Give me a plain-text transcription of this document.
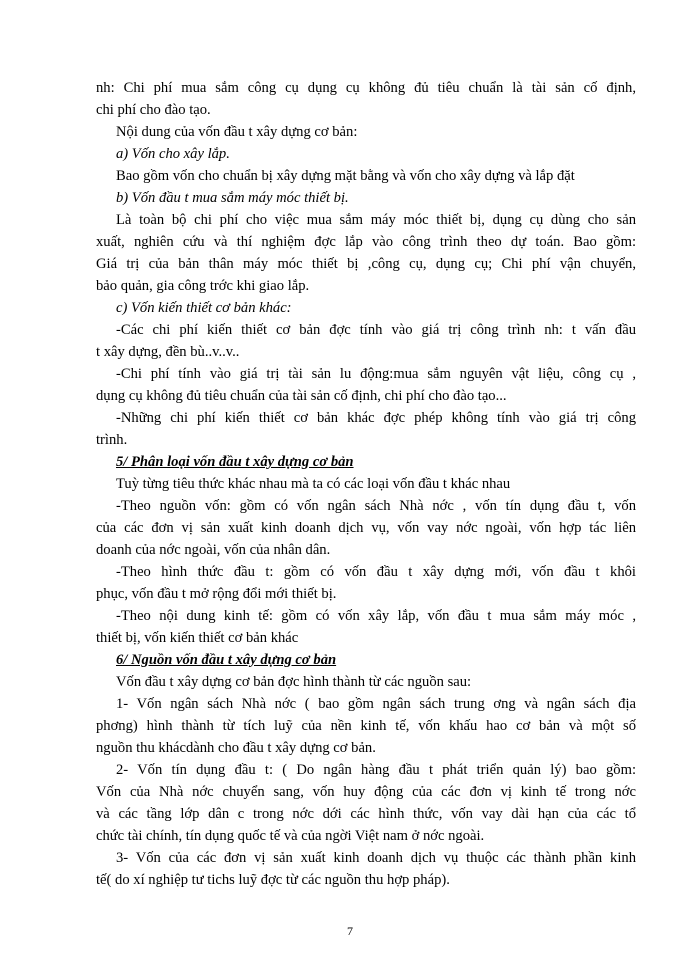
nh: Chi phí mua sắm công cụ dụng cụ không đủ tiêu chuẩn là tài sản cố định,
chi phí cho đào tạo.
Nội dung của vốn đầu t xây dựng cơ bản:
a) Vốn cho xây lắp.
Bao gồm vốn cho chuẩn bị xây dựng mặt bằng và vốn cho xây dựng và lắp đặt
b) Vốn đầu t mua sắm máy móc thiết bị.
Là toàn bộ chi phí cho việc mua sắm máy móc thiết bị, dụng cụ dùng cho sản
xuất, nghiên cứu và thí nghiệm đợc lắp vào công trình theo dự toán. Bao gồm:
Giá trị của bản thân máy móc thiết bị ,công cụ, dụng cụ; Chi phí vận chuyển,
bảo quản, gia công trớc khi giao lắp.
c) Vốn kiến thiết cơ bản khác:
-Các chi phí kiến thiết cơ bản đợc tính vào giá trị công trình nh: t vấn đầu
t xây dựng, đền bù..v..v..
-Chi phí tính vào giá trị tài sản lu động:mua sắm nguyên vật liệu, công cụ ,
dụng cụ không đủ tiêu chuẩn của tài sản cố định, chi phí cho đào tạo...
-Những chi phí kiến thiết cơ bản khác đợc phép không tính vào giá trị công
trình.
5/ Phân loại vốn đầu t xây dựng cơ bản
Tuỳ từng tiêu thức khác nhau mà ta có các loại vốn đầu t khác nhau
-Theo nguồn vốn: gồm có vốn ngân sách Nhà nớc , vốn tín dụng đầu t, vốn
của các đơn vị sản xuất kinh doanh dịch vụ, vốn vay nớc ngoài, vốn hợp tác liên
doanh của nớc ngoài, vốn của nhân dân.
-Theo hình thức đầu t: gồm có vốn đầu t xây dựng mới, vốn đầu t khôi
phục, vốn đầu t mở rộng đổi mới thiết bị.
-Theo nội dung kinh tế: gồm có vốn xây lắp, vốn đầu t mua sắm máy móc ,
thiết bị, vốn kiến thiết cơ bản khác
6/ Nguồn vốn đầu t xây dựng cơ bản
Vốn đầu t xây dựng cơ bản đợc hình thành từ các nguồn sau:
1- Vốn ngân sách Nhà nớc ( bao gồm ngân sách trung ơng và ngân sách địa
phơng) hình thành từ tích luỹ của nền kinh tế, vốn khấu hao cơ bản và một số
nguồn thu khácdành cho đầu t xây dựng cơ bản.
2- Vốn tín dụng đầu t: ( Do ngân hàng đầu t phát triển quản lý) bao gồm:
Vốn của Nhà nớc chuyển sang, vốn huy động của các đơn vị kinh tế trong nớc
và các tầng lớp dân c trong nớc dới các hình thức, vốn vay dài hạn của các tổ
chức tài chính, tín dụng quốc tế và của ngời Việt nam ở nớc ngoài.
3- Vốn của các đơn vị sản xuất kinh doanh dịch vụ thuộc các thành phần kinh
tế( do xí nghiệp tư tichs luỹ đợc từ các nguồn thu hợp pháp).
7
